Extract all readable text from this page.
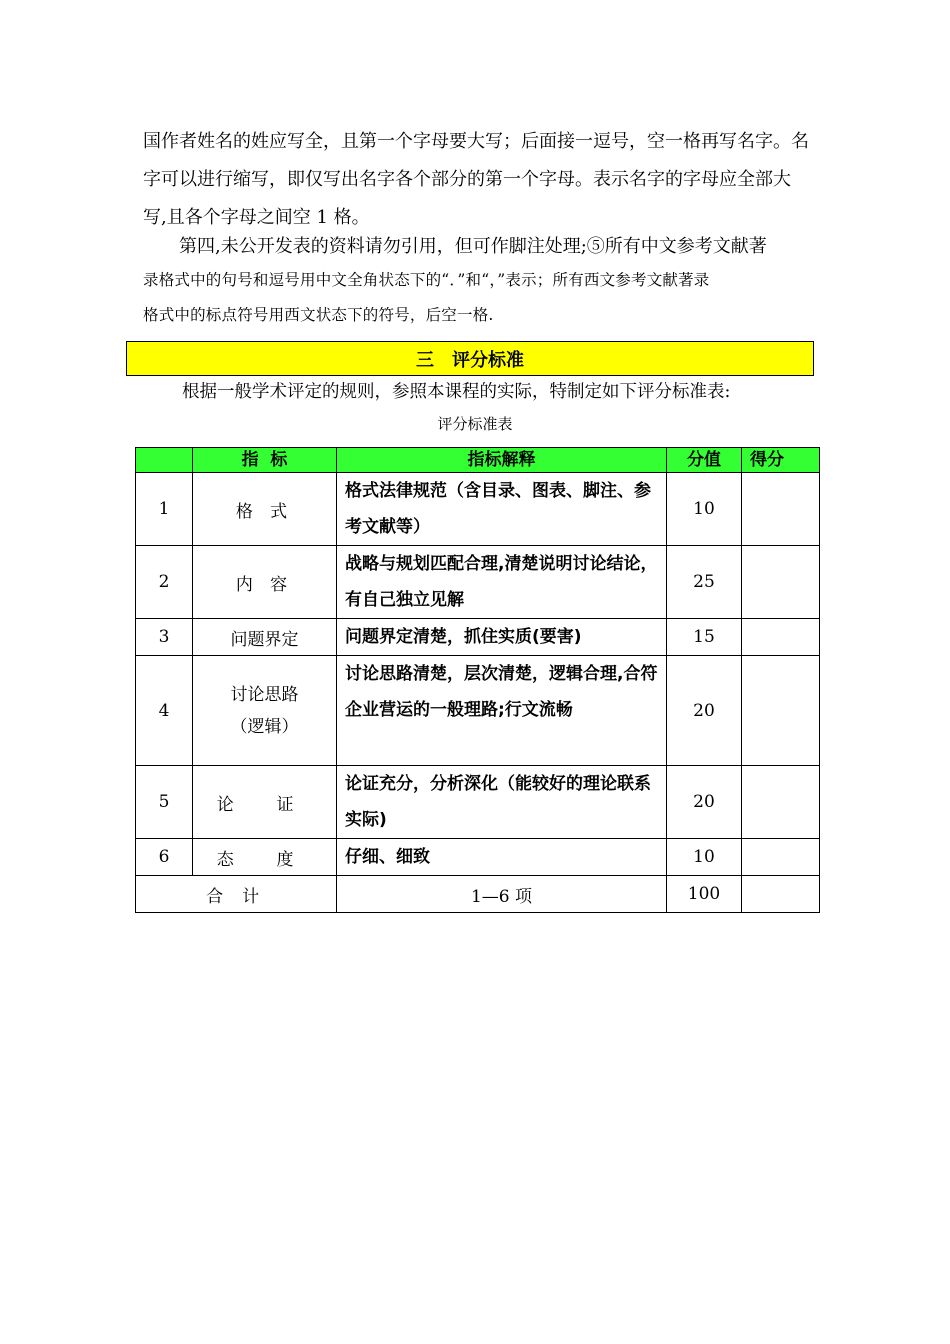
国作者姓名的姓应写全，且第一个字母要大写；后面接一逗号，空一格再写名字。名字可以进行缩写，即仅写出名字各个部分的第一个字母。表示名字的字母应全部大写,且各个字母之间空 1 格。
第四,未公开发表的资料请勿引用，但可作脚注处理;⑤所有中文参考文献著
录格式中的句号和逗号用中文全角状态下的“．”和“，”表示；所有西文参考文献著录
格式中的标点符号用西文状态下的符号，后空一格.
三　评分标准
根据一般学术评定的规则，参照本课程的实际，特制定如下评分标准表:
评分标准表
	指  标	指标解释	分值	得分
1	格 式	格式法律规范（含目录、图表、脚注、参考文献等）	10	
2	内 容	战略与规划匹配合理,清楚说明讨论结论，有自己独立见解	25	
3	问题界定	问题界定清楚，抓住实质(要害)	15	
4	讨论思路（逻辑）	讨论思路清楚，层次清楚，逻辑合理,合符企业营运的一般理路;行文流畅	20	
5	论 证	论证充分，分析深化（能较好的理论联系实际)	20	
6	态 度	仔细、细致	10	
合 计		1—6 项	100	
